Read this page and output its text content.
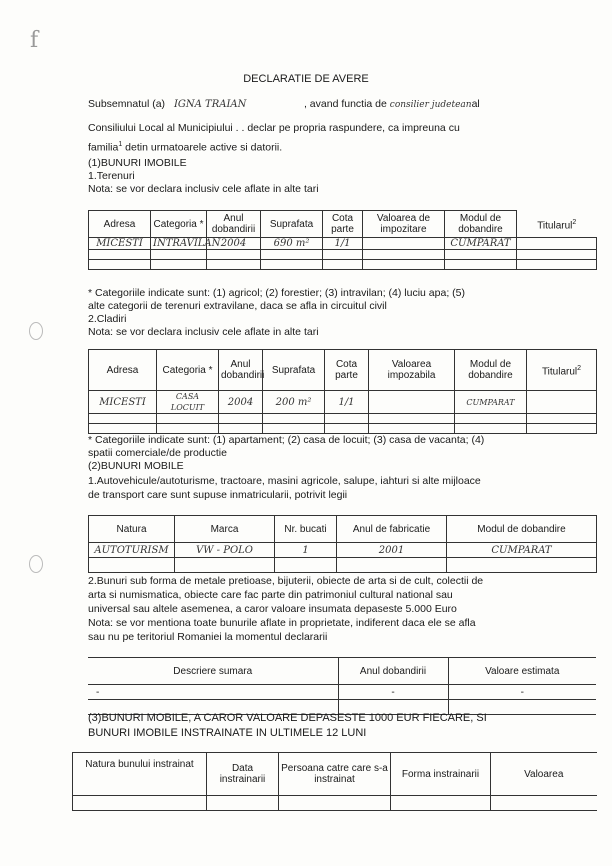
f
DECLARATIE DE AVERE
Subsemnatul (a) IGNA TRAIAN	, avand functia de consilier judeteanal
Consiliului Local al Municipiului . . declar pe propria raspundere, ca impreuna cu
familia$^1$ detin urmatoarele active si datorii.
(1)BUNURI IMOBILE
1.Terenuri
Nota: se vor declara inclusiv cele aflate in alte tari
Adresa	Categoria *	Anul dobandirii	Suprafata	Cota parte	Valoarea de impozitare	Modul de dobandire	Titularul$^2$
MICESTI	INTRAVILAN	2004	690 m²	1/1		CUMPARAT	

* Categoriile indicate sunt: (1) agricol; (2) forestier; (3) intravilan; (4) luciu apa; (5)
alte categorii de terenuri extravilane, daca se afla in circuitul civil
2.Cladiri
Nota: se vor declara inclusiv cele aflate in alte tari
Adresa	Categoria *	Anul dobandirii	Suprafata	Cota parte	Valoarea impozabila	Modul de dobandire	Titularul$^2$
MICESTI	CASA LOCUIT	2004	200 m²	1/1		CUMPARAT	

* Categoriile indicate sunt: (1) apartament; (2) casa de locuit; (3) casa de vacanta; (4)
spatii comerciale/de productie
(2)BUNURI MOBILE
1.Autovehicule/autoturisme, tractoare, masini agricole, salupe, iahturi si alte mijloace
de transport care sunt supuse inmatricularii, potrivit legii
Natura	Marca	Nr. bucati	Anul de fabricatie	Modul de dobandire
AUTOTURISM	VW - POLO	1	2001	CUMPARAT

2.Bunuri sub forma de metale pretioase, bijuterii, obiecte de arta si de cult, colectii de
arta si numismatica, obiecte care fac parte din patrimoniul cultural national sau
universal sau altele asemenea, a caror valoare insumata depaseste 5.000 Euro
Nota: se vor mentiona toate bunurile aflate in proprietate, indiferent daca ele se afla
sau nu pe teritoriul Romaniei la momentul declararii
Descriere sumara	Anul dobandirii	Valoare estimata
-	-	-

(3)BUNURI MOBILE, A CAROR VALOARE DEPASESTE 1000 EUR FIECARE, SI
BUNURI IMOBILE INSTRAINATE IN ULTIMELE 12 LUNI
Natura bunului instrainat	Data instrainarii	Persoana catre care s-a instrainat	Forma instrainarii	Valoarea
